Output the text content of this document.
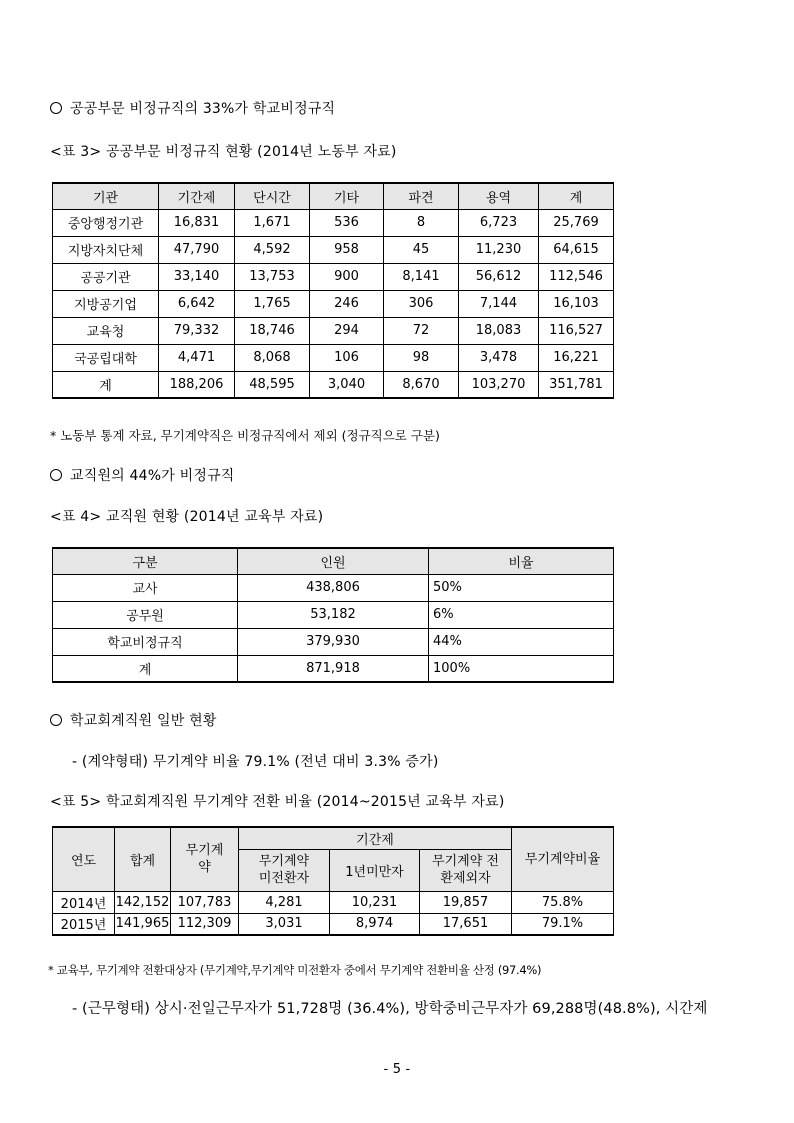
공공부문 비정규직의 33%가 학교비정규직
<표 3> 공공부문 비정규직 현황 (2014년 노동부 자료)
기관	기간제	단시간	기타	파견	용역	계
중앙행정기관	16,831	1,671	536	8	6,723	25,769
지방자치단체	47,790	4,592	958	45	11,230	64,615
공공기관	33,140	13,753	900	8,141	56,612	112,546
지방공기업	6,642	1,765	246	306	7,144	16,103
교육청	79,332	18,746	294	72	18,083	116,527
국공립대학	4,471	8,068	106	98	3,478	16,221
계	188,206	48,595	3,040	8,670	103,270	351,781
* 노동부 통계 자료, 무기계약직은 비정규직에서 제외 (정규직으로 구분)
교직원의 44%가 비정규직
<표 4> 교직원 현황 (2014년 교육부 자료)
구분	인원	비율
교사	438,806	50%
공무원	53,182	6%
학교비정규직	379,930	44%
계	871,918	100%
학교회계직원 일반 현황
- (계약형태) 무기계약 비율 79.1% (전년 대비 3.3% 증가)
<표 5> 학교회계직원 무기계약 전환 비율 (2014~2015년 교육부 자료)
연도	합계	무기계약	기간제			무기계약비율
			무기계약 미전환자	1년미만자	무기계약 전환제외자	
2014년	142,152	107,783	4,281	10,231	19,857	75.8%
2015년	141,965	112,309	3,031	8,974	17,651	79.1%
* 교육부, 무기계약 전환대상자 (무기계약,무기계약 미전환자 중에서 무기계약 전환비율 산정 (97.4%)
- (근무형태) 상시·전일근무자가 51,728명 (36.4%), 방학중비근무자가 69,288명(48.8%), 시간제
- 5 -
